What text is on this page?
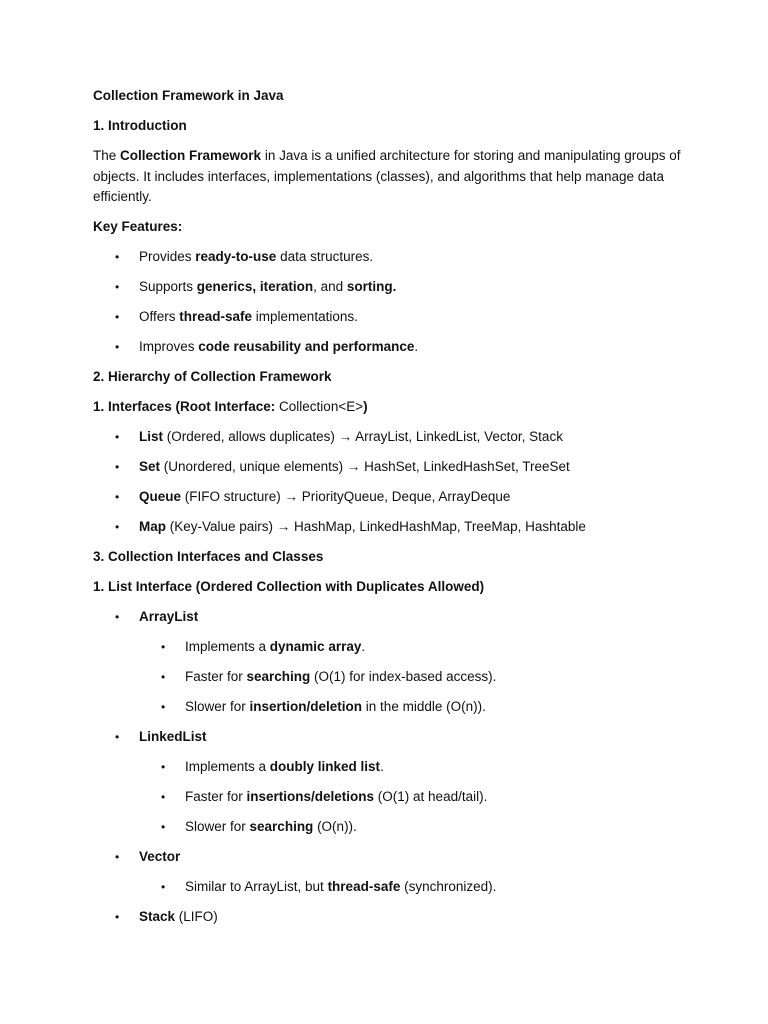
Collection Framework in Java

1. Introduction

The Collection Framework in Java is a unified architecture for storing and manipulating groups of objects. It includes interfaces, implementations (classes), and algorithms that help manage data efficiently.

Key Features:

• Provides ready-to-use data structures.

• Supports generics, iteration, and sorting.

• Offers thread-safe implementations.

• Improves code reusability and performance.

2. Hierarchy of Collection Framework

1. Interfaces (Root Interface: Collection<E>)

• List (Ordered, allows duplicates) → ArrayList, LinkedList, Vector, Stack

• Set (Unordered, unique elements) → HashSet, LinkedHashSet, TreeSet

• Queue (FIFO structure) → PriorityQueue, Deque, ArrayDeque

• Map (Key-Value pairs) → HashMap, LinkedHashMap, TreeMap, Hashtable

3. Collection Interfaces and Classes

1. List Interface (Ordered Collection with Duplicates Allowed)

• ArrayList

• Implements a dynamic array.

• Faster for searching (O(1) for index-based access).

• Slower for insertion/deletion in the middle (O(n)).

• LinkedList

• Implements a doubly linked list.

• Faster for insertions/deletions (O(1) at head/tail).

• Slower for searching (O(n)).

• Vector

• Similar to ArrayList, but thread-safe (synchronized).

• Stack (LIFO)
